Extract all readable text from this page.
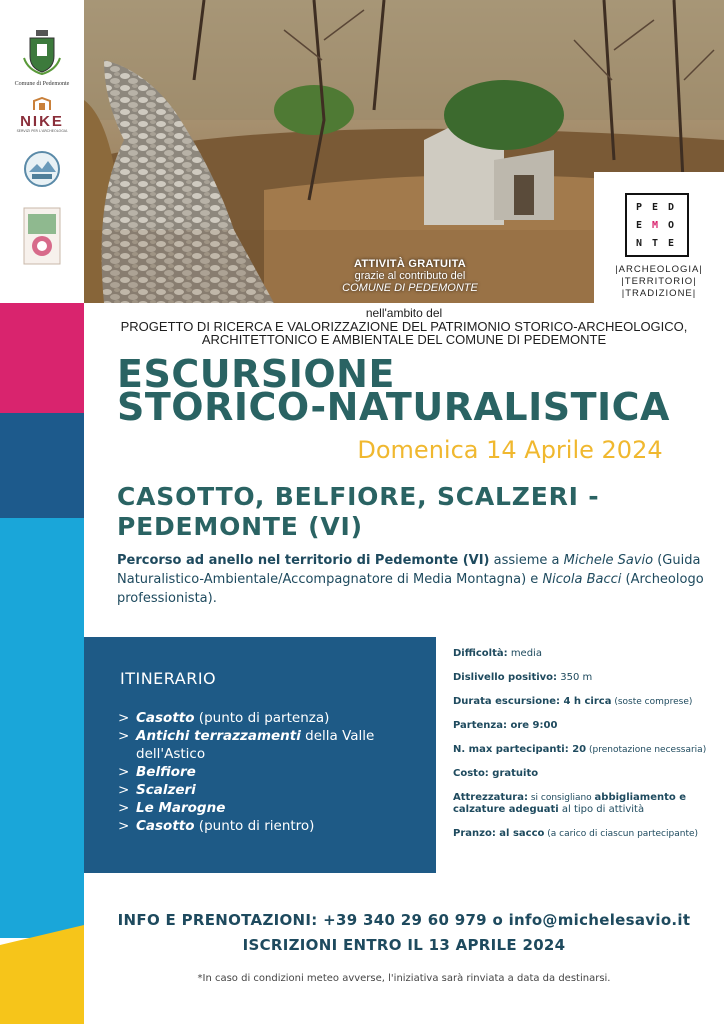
Comune di Pedemonte
NIKE
SERVIZI PER L'ARCHEOLOGIA
ATTIVITÀ GRATUITA
grazie al contributo del
COMUNE DI PEDEMONTE
P E D
E M O
N T E
|ARCHEOLOGIA|
|TERRITORIO|
|TRADIZIONE|
nell'ambito del
PROGETTO DI RICERCA E VALORIZZAZIONE DEL PATRIMONIO STORICO-ARCHEOLOGICO,
ARCHITETTONICO E AMBIENTALE DEL COMUNE DI PEDEMONTE
ESCURSIONE
STORICO-NATURALISTICA
Domenica 14 Aprile 2024
CASOTTO, BELFIORE, SCALZERI -
PEDEMONTE (VI)
Percorso ad anello nel territorio di Pedemonte (VI) assieme a Michele Savio (Guida Naturalistico-Ambientale/Accompagnatore di Media Montagna) e Nicola Bacci (Archeologo professionista).
ITINERARIO
> Casotto (punto di partenza)
> Antichi terrazzamenti della Valle dell'Astico
> Belfiore
> Scalzeri
> Le Marogne
> Casotto (punto di rientro)
Difficoltà: media
Dislivello positivo: 350 m
Durata escursione: 4 h circa (soste comprese)
Partenza: ore 9:00
N. max partecipanti: 20 (prenotazione necessaria)
Costo: gratuito
Attrezzatura: si consigliano abbigliamento e calzature adeguati al tipo di attività
Pranzo: al sacco (a carico di ciascun partecipante)
INFO E PRENOTAZIONI: +39 340 29 60 979 o info@michelesavio.it
ISCRIZIONI ENTRO IL 13 APRILE 2024
*In caso di condizioni meteo avverse, l'iniziativa sarà rinviata a data da destinarsi.
